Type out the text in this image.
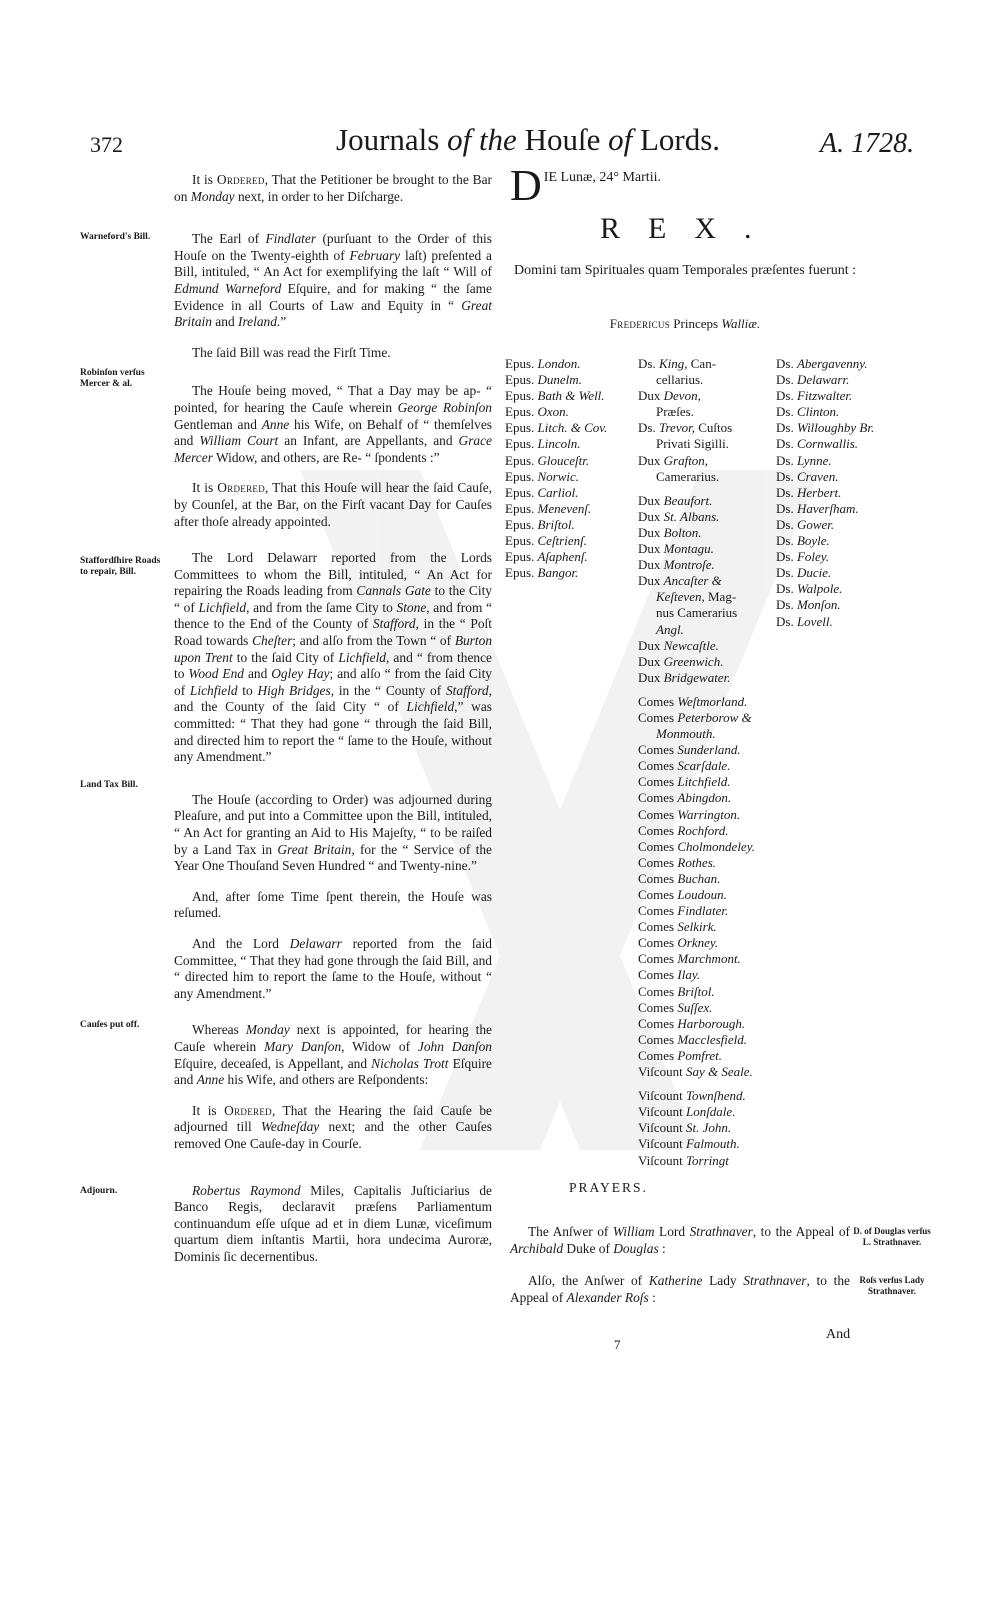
372	Journals of the Houſe of Lords.	A. 1728.
Warneford's Bill.
Robinſon verſus Mercer & al.
Staffordſhire Roads to repair, Bill.
Land Tax Bill.
Cauſes put off.
Adjourn.

It is Ordered, That the Petitioner be brought to the Bar on Monday next, in order to her Diſcharge.

The Earl of Findlater (purſuant to the Order of this Houſe on the Twenty-eighth of February laſt) preſented a Bill, intituled, “ An Act for exemplifying the laſt “ Will of Edmund Warneford Eſquire, and for making “ the ſame Evidence in all Courts of Law and Equity in “ Great Britain and Ireland.”

The ſaid Bill was read the Firſt Time.

The Houſe being moved, “ That a Day may be ap- “ pointed, for hearing the Cauſe wherein George Robinſon Gentleman and Anne his Wife, on Behalf of “ themſelves and William Court an Infant, are Appellants, and Grace Mercer Widow, and others, are Re- “ ſpondents :”

It is Ordered, That this Houſe will hear the ſaid Cauſe, by Counſel, at the Bar, on the Firſt vacant Day for Cauſes after thoſe already appointed.

The Lord Delawarr reported from the Lords Committees to whom the Bill, intituled, “ An Act for repairing the Roads leading from Cannals Gate to the City “ of Lichfield, and from the ſame City to Stone, and from “ thence to the End of the County of Stafford, in the “ Poſt Road towards Cheſter; and alſo from the Town “ of Burton upon Trent to the ſaid City of Lichfield, and “ from thence to Wood End and Ogley Hay; and alſo “ from the ſaid City of Lichfield to High Bridges, in the “ County of Stafford, and the County of the ſaid City “ of Lichfield,” was committed: “ That they had gone “ through the ſaid Bill, and directed him to report the “ ſame to the Houſe, without any Amendment.”

The Houſe (according to Order) was adjourned during Pleaſure, and put into a Committee upon the Bill, intituled, “ An Act for granting an Aid to His Majeſty, “ to be raiſed by a Land Tax in Great Britain, for the “ Service of the Year One Thouſand Seven Hundred “ and Twenty-nine.”

And, after ſome Time ſpent therein, the Houſe was reſumed.

And the Lord Delawarr reported from the ſaid Committee, “ That they had gone through the ſaid Bill, and “ directed him to report the ſame to the Houſe, without “ any Amendment.”

Whereas Monday next is appointed, for hearing the Cauſe wherein Mary Danſon, Widow of John Danſon Eſquire, deceaſed, is Appellant, and Nicholas Trott Eſquire and Anne his Wife, and others are Reſpondents:

It is Ordered, That the Hearing the ſaid Cauſe be adjourned till Wedneſday next; and the other Cauſes removed One Cauſe-day in Courſe.

Robertus Raymond Miles, Capitalis Juſticiarius de Banco Regis, declaravit præſens Parliamentum continuandum eſſe uſque ad et in diem Lunæ, viceſimum quartum diem inſtantis Martii, hora undecima Auroræ, Dominis ſic decernentibus.

D IE Lunæ, 24° Martii.
REX.
Domini tam Spirituales quam Temporales præſentes fuerunt :
Fredericus Princeps Walliæ.
Epus. London.
Epus. Dunelm.
Epus. Bath & Well.
Epus. Oxon.
Epus. Litch. & Cov.
Epus. Lincoln.
Epus. Glouceſtr.
Epus. Norwic.
Epus. Carliol.
Epus. Menevenſ.
Epus. Briſtol.
Epus. Ceſtrienſ.
Epus. Aſaphenſ.
Epus. Bangor.
Ds. King, Can-
cellarius.
Dux Devon,
Præſes.
Ds. Trevor, Cuſtos
Privati Sigilli.
Dux Grafton,
Camerarius.
Dux Beaufort.
Dux St. Albans.
Dux Bolton.
Dux Montagu.
Dux Montroſe.
Dux Ancaſter &
Keſteven, Mag-
nus Camerarius
Angl.
Dux Newcaſtle.
Dux Greenwich.
Dux Bridgewater.
Comes Weſtmorland.
Comes Peterborow &
Monmouth.
Comes Sunderland.
Comes Scarſdale.
Comes Litchfield.
Comes Abingdon.
Comes Warrington.
Comes Rochford.
Comes Cholmondeley.
Comes Rothes.
Comes Buchan.
Comes Loudoun.
Comes Findlater.
Comes Selkirk.
Comes Orkney.
Comes Marchmont.
Comes Ilay.
Comes Briſtol.
Comes Suſſex.
Comes Harborough.
Comes Macclesfield.
Comes Pomfret.
Viſcount Say & Seale.
Viſcount Townſhend.
Viſcount Lonſdale.
Viſcount St. John.
Viſcount Falmouth.
Viſcount Torringt
Ds. Abergavenny.
Ds. Delawarr.
Ds. Fitzwalter.
Ds. Clinton.
Ds. Willoughby Br.
Ds. Cornwallis.
Ds. Lynne.
Ds. Craven.
Ds. Herbert.
Ds. Haverſham.
Ds. Gower.
Ds. Boyle.
Ds. Foley.
Ds. Ducie.
Ds. Walpole.
Ds. Monſon.
Ds. Lovell.
PRAYERS.
The Anſwer of William Lord Strathnaver, to the Appeal of Archibald Duke of Douglas :
D. of Douglas verſus L. Strathnaver.
Alſo, the Anſwer of Katherine Lady Strathnaver, to the Appeal of Alexander Roſs :
Roſs verſus Lady Strathnaver.
7
And
